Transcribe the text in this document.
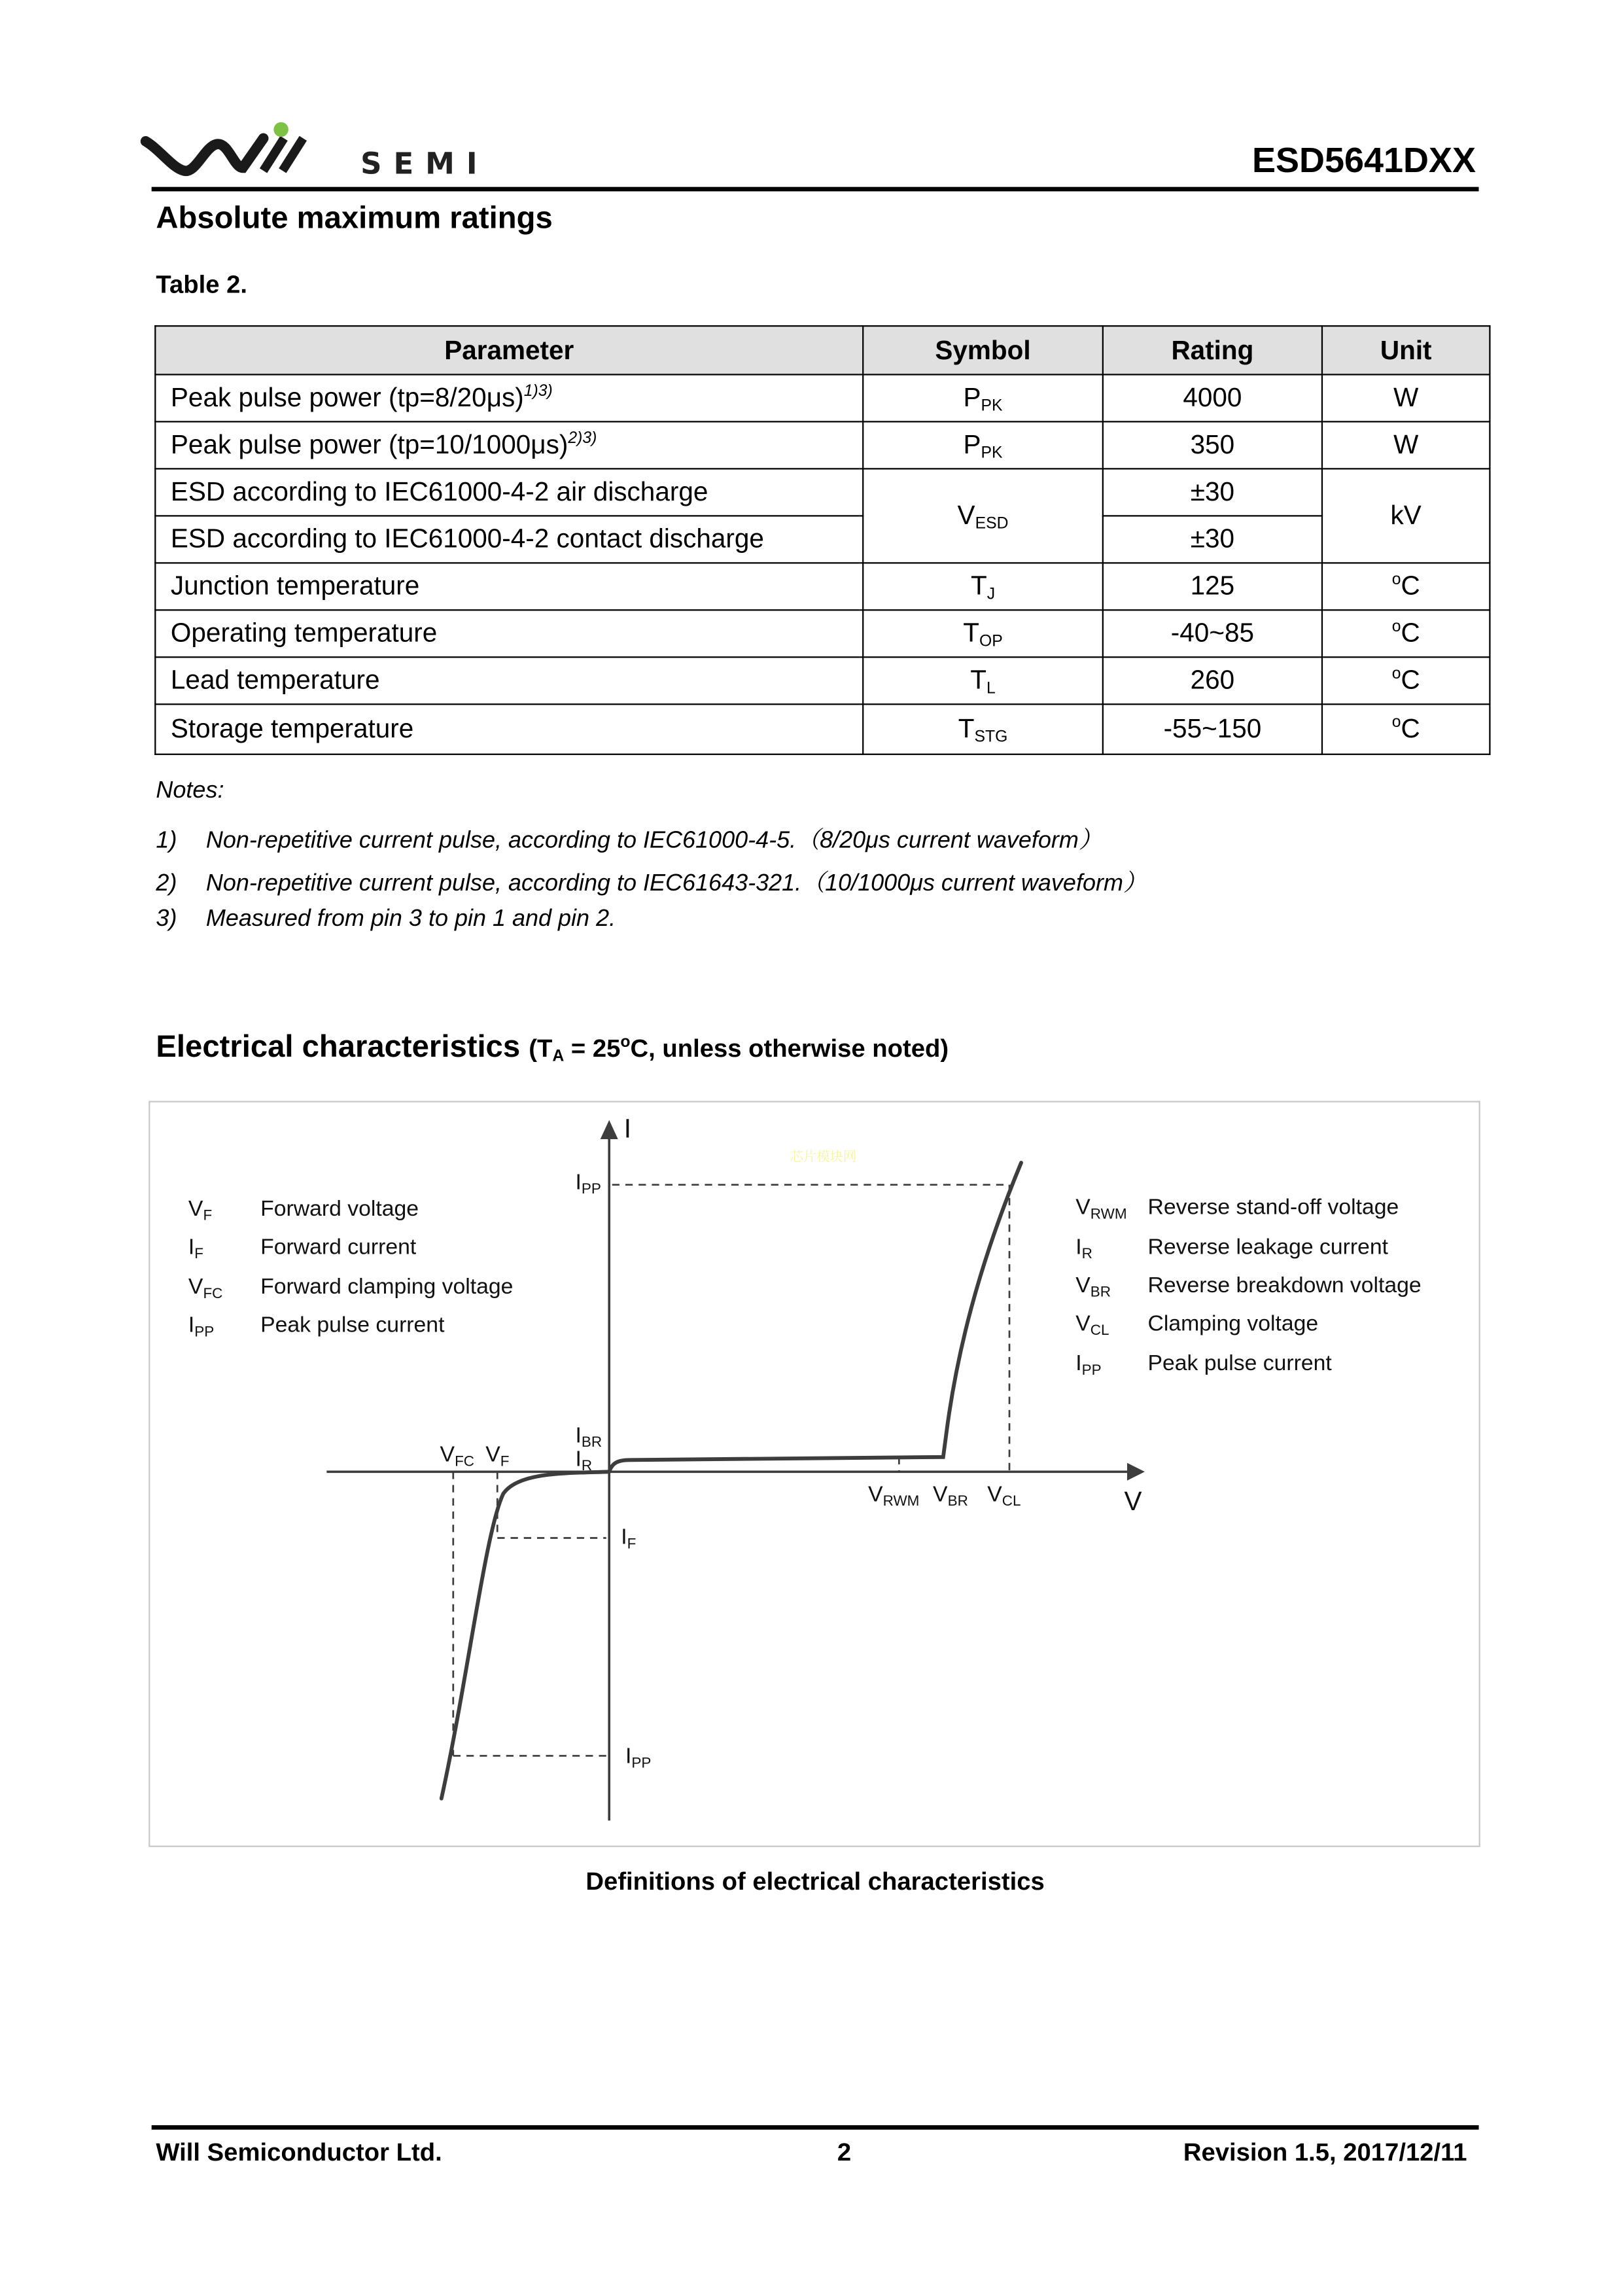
SEMI	ESD5641DXX
Absolute maximum ratings
Table 2.
Parameter	Symbol	Rating	Unit
Peak pulse power (tp=8/20μs)$^{1)3)}$	$P_{PK}$	4000	W
Peak pulse power (tp=10/1000μs)$^{2)3)}$	$P_{PK}$	350	W
ESD according to IEC61000-4-2 air discharge	$V_{ESD}$	±30	kV
ESD according to IEC61000-4-2 contact discharge		±30	
Junction temperature	$T_J$	125	$^o$C
Operating temperature	$T_{OP}$	-40~85	$^o$C
Lead temperature	$T_L$	260	$^o$C
Storage temperature	$T_{STG}$	-55~150	$^o$C
Notes:
1)	Non-repetitive current pulse, according to IEC61000-4-5.（8/20μs current waveform）
2)	Non-repetitive current pulse, according to IEC61643-321.（10/1000μs current waveform）
3)	Measured from pin 3 to pin 1 and pin 2.
Electrical characteristics ($T_A = 25^oC$, unless otherwise noted)
芯片模块网
I
V
$I_{PP}$
$I_{BR}$
$I_R$
$V_{FC}$ $V_F$
$V_{RWM}$ $V_{BR}$ $V_{CL}$
$I_F$
$I_{PP}$
$V_F$	Forward voltage
$I_F$	Forward current
$V_{FC}$	Forward clamping voltage
$I_{PP}$	Peak pulse current
$V_{RWM}$ Reverse stand-off voltage
$I_R$	Reverse leakage current
$V_{BR}$	Reverse breakdown voltage
$V_{CL}$	Clamping voltage
$I_{PP}$	Peak pulse current
Definitions of electrical characteristics
Will Semiconductor Ltd.	2	Revision 1.5, 2017/12/11
